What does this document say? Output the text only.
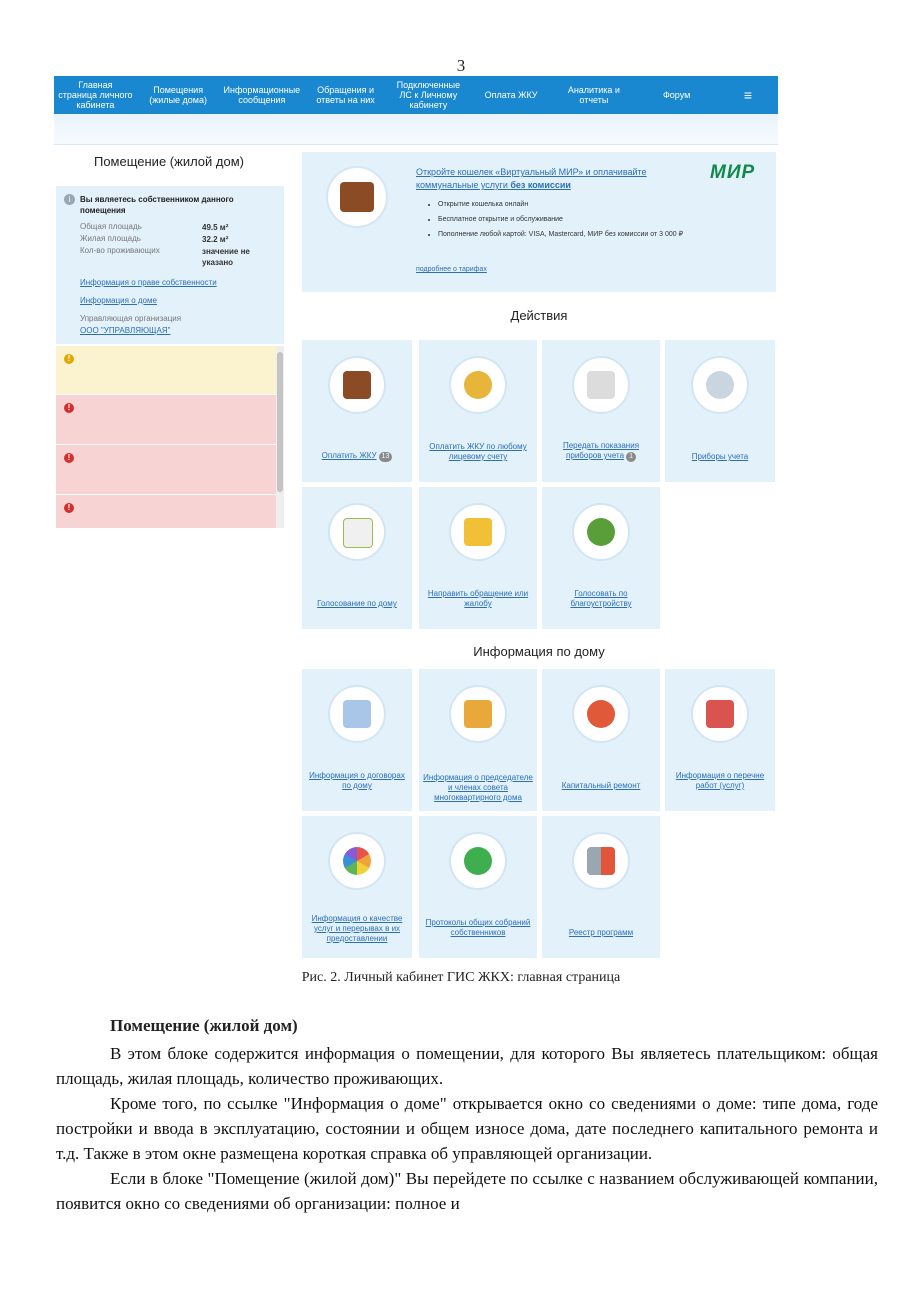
3
Главная страница личного кабинета
Помещения (жилые дома)
Информационные сообщения
Обращения и ответы на них
Подключенные ЛС к Личному кабинету
Оплата ЖКУ	Аналитика и отчеты	Форум	≡
Помещение (жилой дом)
i	Вы являетесь собственником данного помещения
Общая площадь	49.5 м²
Жилая площадь	32.2 м²
Кол-во проживающих	значение не указано
Информация о праве собственности
Информация о доме
Управляющая организация
ООО "УПРАВЛЯЮЩАЯ"
!
!
!
!
Откройте кошелек «Виртуальный МИР» и оплачивайте
коммунальные услуги без комиссии
МИР
• Открытие кошелька онлайн
• Бесплатное открытие и обслуживание
• Пополнение любой картой: VISA, Mastercard, МИР без комиссии от 3 000 ₽
подробнее о тарифах
Действия
Оплатить ЖКУ 13
Оплатить ЖКУ по любому лицевому счету
Передать показания приборов учета 1	Приборы учета
Голосование по дому
Направить обращение или жалобу
Голосовать по благоустройству
Информация по дому
Информация о договорах по дому
Информация о председателе и членах совета многоквартирного дома
Капитальный ремонт
Информация о перечне работ (услуг)
Информация о качестве услуг и перерывах в их предоставлении
Протоколы общих собраний собственников	Реестр программ
Рис. 2. Личный кабинет ГИС ЖКХ: главная страница
Помещение (жилой дом)

В этом блоке содержится информация о помещении, для которого Вы являетесь плательщиком: общая площадь, жилая площадь, количество проживающих.

Кроме того, по ссылке "Информация о доме" открывается окно со сведениями о доме: типе дома, годе постройки и ввода в эксплуатацию, состоянии и общем износе дома, дате последнего капитального ремонта и т.д. Также в этом окне размещена короткая справка об управляющей организации.

Если в блоке "Помещение (жилой дом)" Вы перейдете по ссылке с названием обслуживающей компании, появится окно со сведениями об организации: полное и
